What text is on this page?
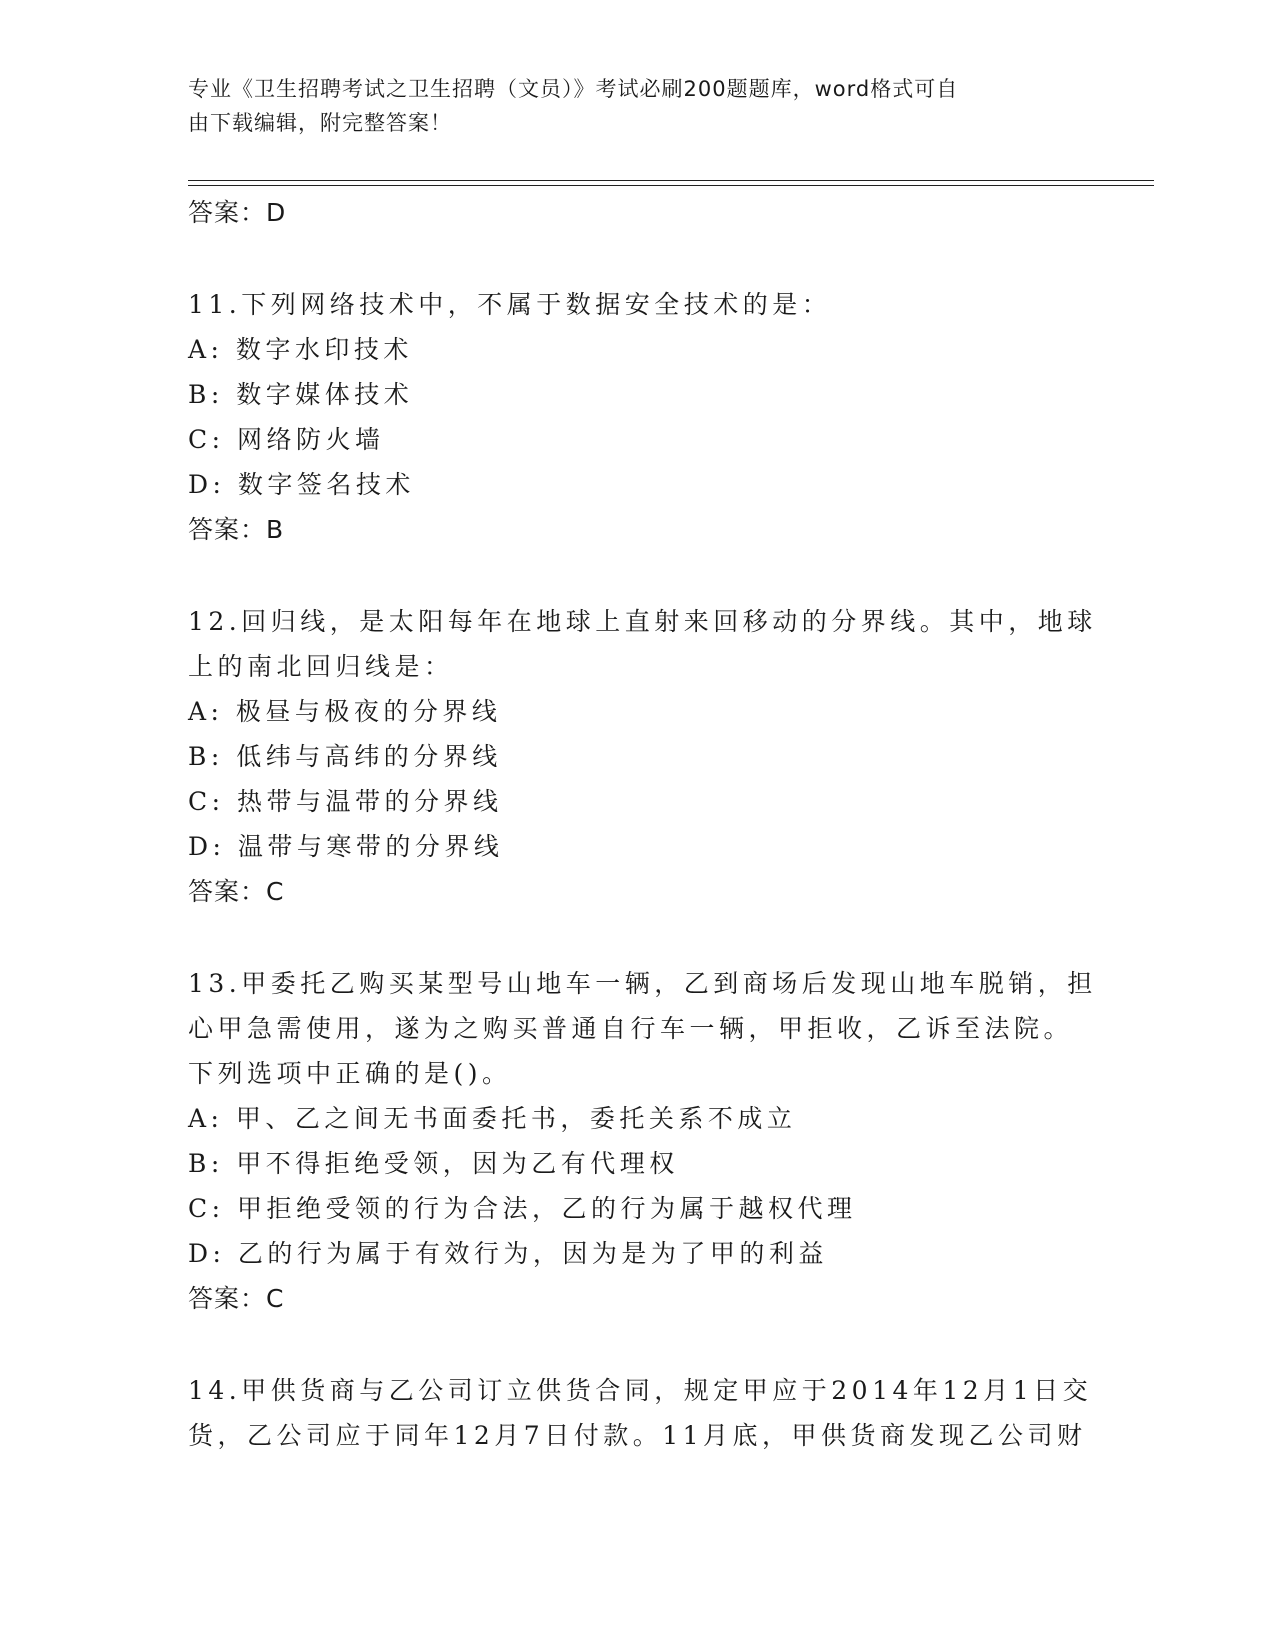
专业《卫生招聘考试之卫生招聘（文员）》考试必刷200题题库，word格式可自
由下载编辑，附完整答案！
答案：D
11.下列网络技术中，不属于数据安全技术的是：
A: 数字水印技术
B: 数字媒体技术
C: 网络防火墙
D: 数字签名技术
答案：B
12.回归线，是太阳每年在地球上直射来回移动的分界线。其中，地球
上的南北回归线是：
A: 极昼与极夜的分界线
B: 低纬与高纬的分界线
C: 热带与温带的分界线
D: 温带与寒带的分界线
答案：C
13.甲委托乙购买某型号山地车一辆，乙到商场后发现山地车脱销，担
心甲急需使用，遂为之购买普通自行车一辆，甲拒收，乙诉至法院。
下列选项中正确的是()。
A: 甲、乙之间无书面委托书，委托关系不成立
B: 甲不得拒绝受领，因为乙有代理权
C: 甲拒绝受领的行为合法，乙的行为属于越权代理
D: 乙的行为属于有效行为，因为是为了甲的利益
答案：C
14.甲供货商与乙公司订立供货合同，规定甲应于2014年12月1日交
货，乙公司应于同年12月7日付款。11月底，甲供货商发现乙公司财
